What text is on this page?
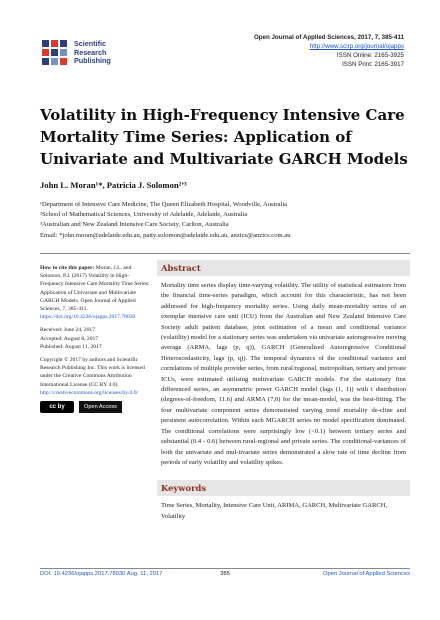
Scientific
Research
Publishing
Open Journal of Applied Sciences, 2017, 7, 385-411
http://www.scirp.org/journal/ojapps
ISSN Online: 2165-3925
ISSN Print: 2165-3917
Volatility in High-Frequency Intensive Care Mortality Time Series: Application of Univariate and Multivariate GARCH Models
John L. Moran¹*, Patricia J. Solomon²ʼ³
¹Department of Intensive Care Medicine, The Queen Elizabeth Hospital, Woodville, Australia
²School of Mathematical Sciences, University of Adelaide, Adelaide, Australia
³Australian and New Zealand Intensive Care Society, Carlton, Australia
Email: *john.moran@adelaide.edu.au, patty.solomon@adelaide.edu.au, anzics@anzics.com.au
How to cite this paper: Moran, J.L. and Solomon, P.J. (2017) Volatility in High-Frequency Intensive Care Mortality Time Series: Application of Univariate and Multivariate GARCH Models. Open Journal of Applied Sciences, 7, 385-411.
https://doi.org/10.4236/ojapps.2017.78030
Received: June 24, 2017
Accepted: August 8, 2017
Published: August 11, 2017
Copyright © 2017 by authors and Scientific Research Publishing Inc. This work is licensed under the Creative Commons Attribution International License (CC BY 4.0).
http://creativecommons.org/licenses/by/4.0/
cc by	Open Access
Abstract

Mortality time series display time-varying volatility. The utility of statistical estimators from the financial time-series paradigm, which account for this characteristic, has not been addressed for high-frequency mortality series. Using daily mean-mortality series of an exemplar intensive care unit (ICU) from the Australian and New Zealand Intensive Care Society adult patient database, joint estimation of a mean and conditional variance (volatility) model for a stationary series was undertaken via univariate autoregressive moving average (ARMA, lags (p, q)), GARCH (Generalised Autoregressive Conditional Heteroscedasticity, lags (p, q)). The temporal dynamics of the conditional variance and correlations of multiple provider series, from rural/regional, metropolitan, tertiary and private ICUs, were estimated utilising multivariate GARCH models. For the stationary first differenced series, an asymmetric power GARCH model (lags (1, 1)) with t distribution (degrees-of-freedom, 11.6) and ARMA (7,0) for the mean-model, was the best-fitting. The four multivariate component series demonstrated varying trend mortality de-cline and persistent autocorrelation. Within each MGARCH series no model specification dominated. The conditional correlations were surprisingly low (<0.1) between tertiary series and substantial (0.4 - 0.6) between rural-regional and private series. The conditional-variances of both the univariate and mul-tivariate series demonstrated a slow rate of time decline from periods of early volatility and volatility spikes.

Keywords

Time Series, Mortality, Intensive Care Unit, ARIMA, GARCH, Multivariate GARCH, Volatility

DOI: 10.4236/ojapps.2017.78030 Aug. 11, 2017	385	Open Journal of Applied Sciences
